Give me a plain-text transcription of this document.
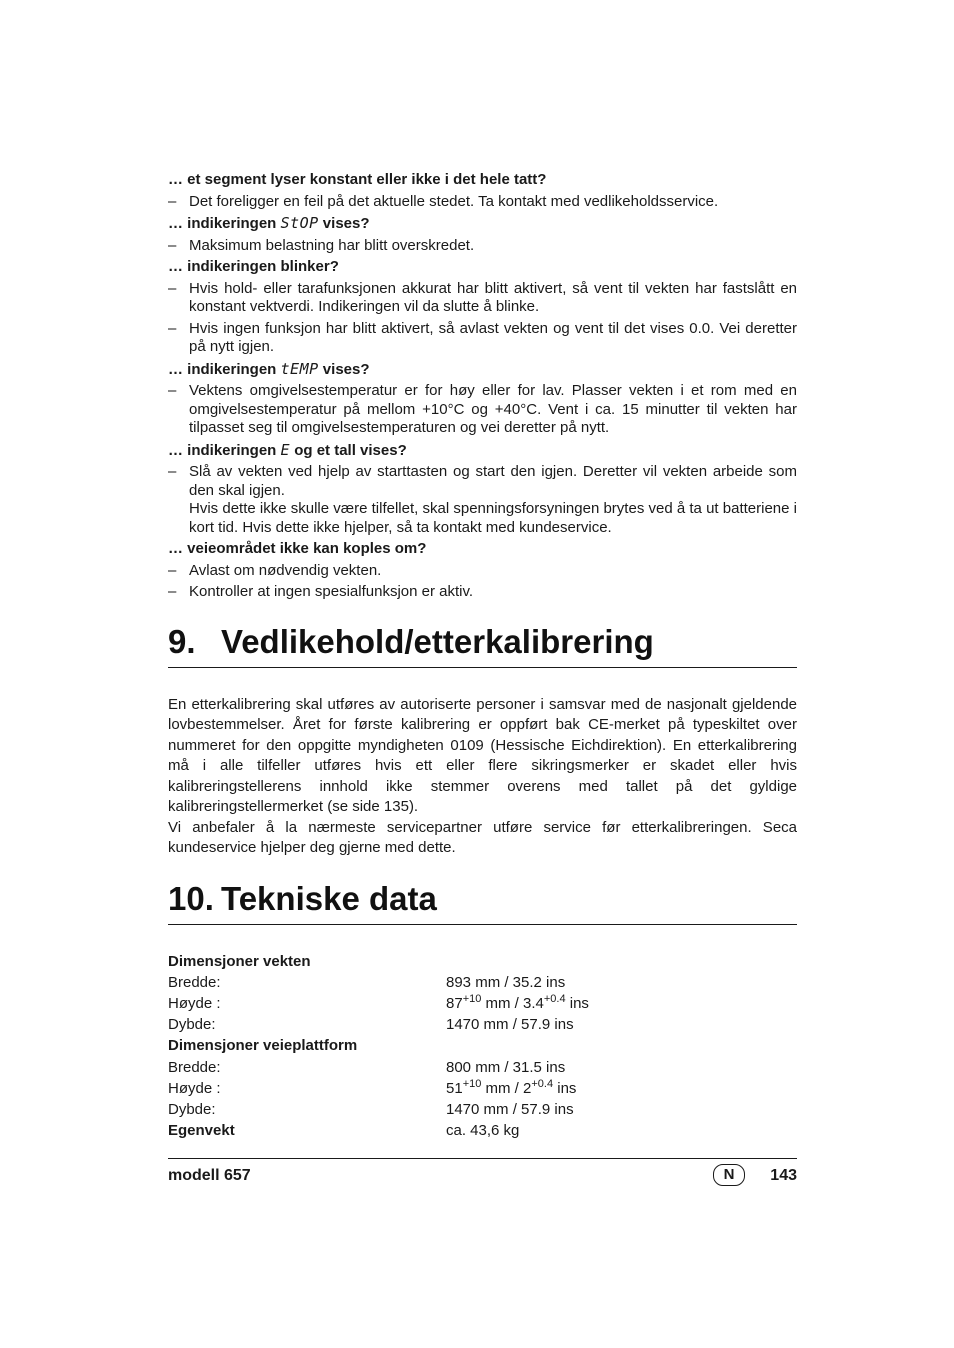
… et segment lyser konstant eller ikke i det hele tatt?
– Det foreligger en feil på det aktuelle stedet. Ta kontakt med vedlikeholdsservice.
… indikeringen StOP vises?
– Maksimum belastning har blitt overskredet.
… indikeringen blinker?
– Hvis hold- eller tarafunksjonen akkurat har blitt aktivert, så vent til vekten har fastslått en konstant vektverdi. Indikeringen vil da slutte å blinke.
– Hvis ingen funksjon har blitt aktivert, så avlast vekten og vent til det vises 0.0. Vei deretter på nytt igjen.
… indikeringen tEMP vises?
– Vektens omgivelsestemperatur er for høy eller for lav. Plasser vekten i et rom med en omgivelsestemperatur på mellom +10°C og +40°C. Vent i ca. 15 minutter til vekten har tilpasset seg til omgivelsestemperaturen og vei deretter på nytt.
… indikeringen E og et tall vises?
– Slå av vekten ved hjelp av starttasten og start den igjen. Deretter vil vekten arbeide som den skal igjen.
Hvis dette ikke skulle være tilfellet, skal spenningsforsyningen brytes ved å ta ut batteriene i kort tid. Hvis dette ikke hjelper, så ta kontakt med kundeservice.
… veieområdet ikke kan koples om?
– Avlast om nødvendig vekten.
– Kontroller at ingen spesialfunksjon er aktiv.
9. Vedlikehold/etterkalibrering

En etterkalibrering skal utføres av autoriserte personer i samsvar med de nasjonalt gjeldende lovbestemmelser. Året for første kalibrering er oppført bak CE-merket på typeskiltet over nummeret for den oppgitte myndigheten 0109 (Hessische Eichdirektion). En etterkalibrering må i alle tilfeller utføres hvis ett eller flere sikringsmerker er skadet eller hvis kalibreringstellerens innhold ikke stemmer overens med tallet på det gyldige kalibreringstellermerket (se side 135).

Vi anbefaler å la nærmeste servicepartner utføre service før etterkalibreringen. Seca kundeservice hjelper deg gjerne med dette.

10. Tekniske data
Dimensjoner vekten	
Bredde:	893 mm / 35.2 ins
Høyde :	$87^{+10}$ mm / $3.4^{+0.4}$ ins
Dybde:	1470 mm / 57.9 ins
Dimensjoner veieplattform	
Bredde:	800 mm / 31.5 ins
Høyde :	$51^{+10}$ mm / $2^{+0.4}$ ins
Dybde:	1470 mm / 57.9 ins
Egenvekt	ca. 43,6 kg
modell 657	N	143
